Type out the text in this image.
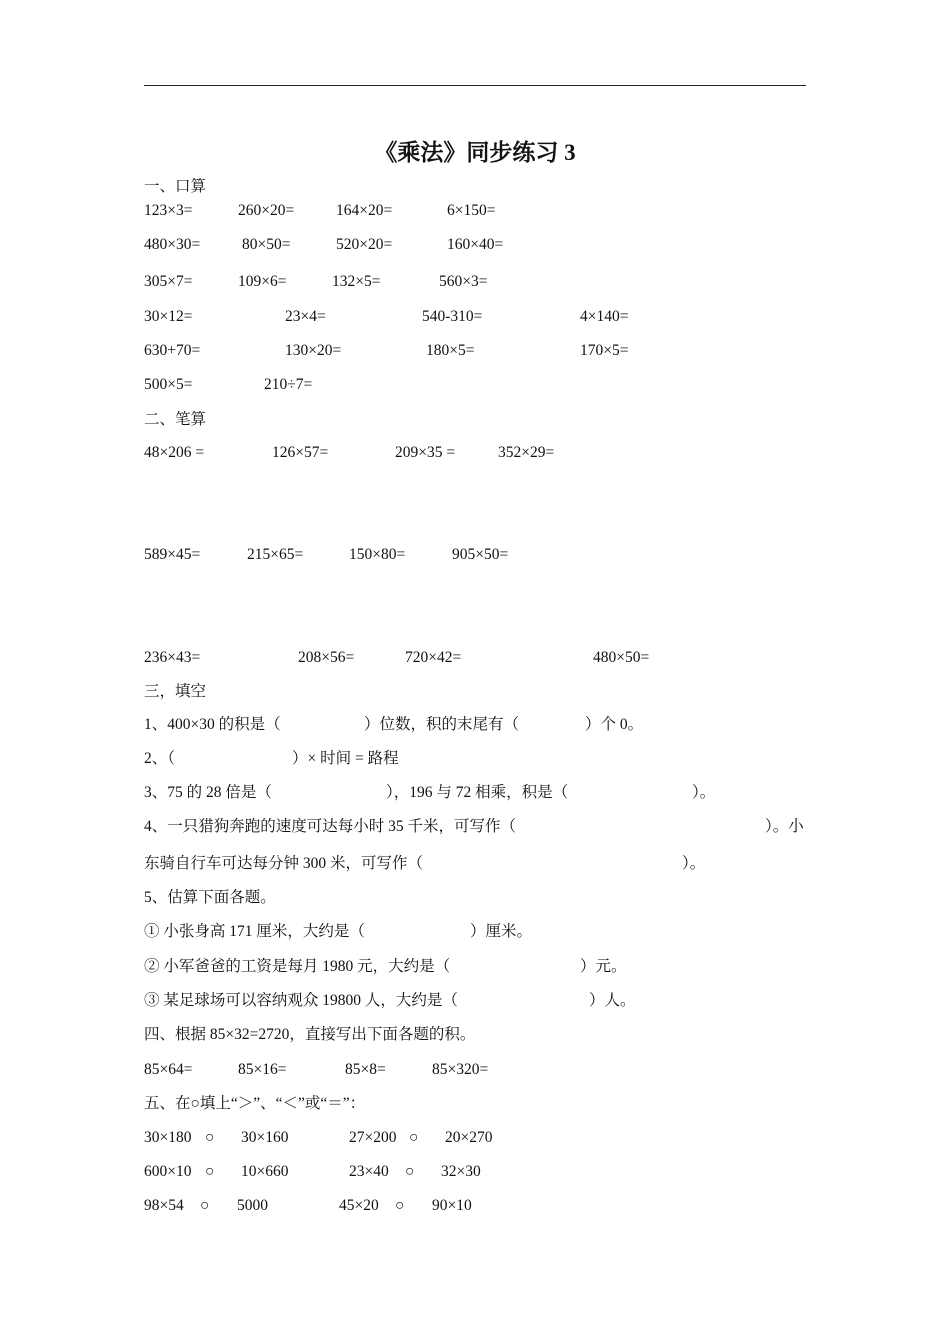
《乘法》同步练习 3
一、口算
123×3=	260×20=	164×20=	6×150=
480×30=	80×50=	520×20=	160×40=
305×7=	109×6=	132×5=	560×3=
30×12=	23×4=	540-310=	4×140=
630+70=	130×20=	180×5=	170×5=
500×5=	210÷7=
二、笔算
48×206 =	126×57=	209×35 =	352×29=
589×45=	215×65=	150×80=	905×50=
236×43=	208×56=	720×42=	480×50=
三，填空
1、400×30 的积是（	）位数，积的末尾有（	）个 0。
2、（	）× 时间 = 路程
3、75 的 28 倍是（	），196 与 72 相乘，积是（	）。
4、一只猎狗奔跑的速度可达每小时 35 千米，可写作（	）。小
东骑自行车可达每分钟 300 米，可写作（	）。
5、估算下面各题。
① 小张身高 171 厘米，大约是（	）厘米。
② 小军爸爸的工资是每月 1980 元，大约是（	）元。
③ 某足球场可以容纳观众 19800 人，大约是（	）人。
四、根据 85×32=2720，直接写出下面各题的积。
85×64=	85×16=	85×8=	85×320=
五、在○填上“＞”、“＜”或“＝”：
30×180 ○ 30×160	27×200 ○ 20×270
600×10 ○ 10×660	23×40 ○ 32×30
98×54 ○ 5000	45×20 ○ 90×10
